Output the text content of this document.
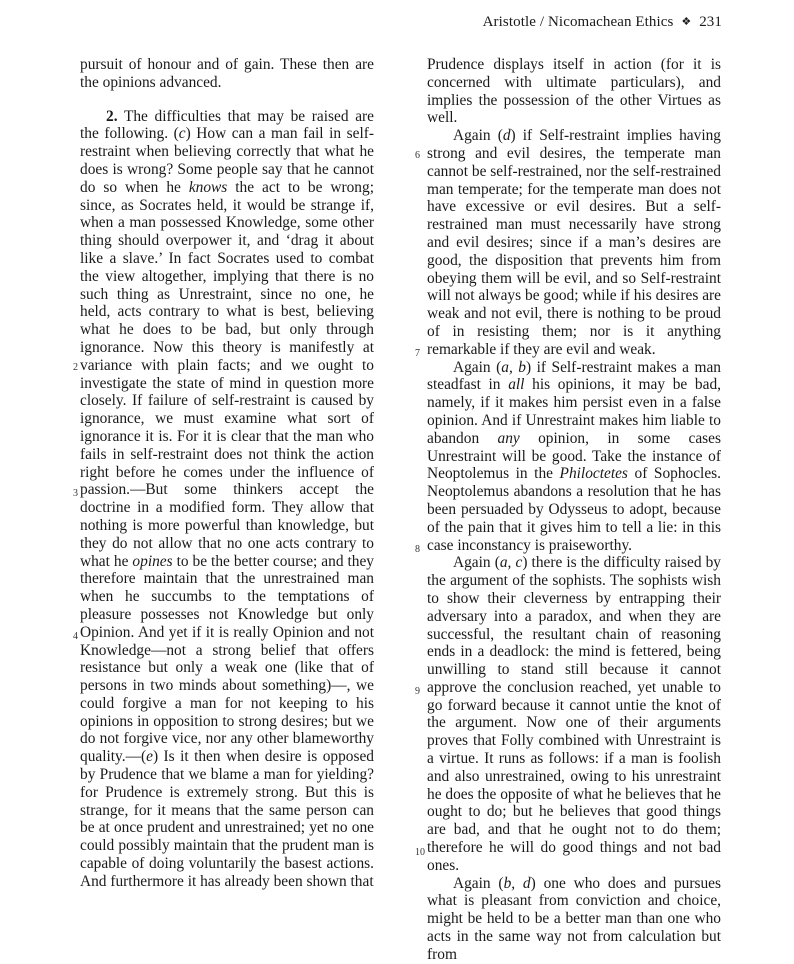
Aristotle / Nicomachean Ethics ❖ 231
2
3
4
6
7
8
9
10

pursuit of honour and of gain. These then are the opinions advanced.

2. The difficulties that may be raised are the following. (c) How can a man fail in self-restraint when believing correctly that what he does is wrong? Some people say that he cannot do so when he knows the act to be wrong; since, as Socrates held, it would be strange if, when a man possessed Knowledge, some other thing should overpower it, and ‘drag it about like a slave.’ In fact Socrates used to combat the view altogether, implying that there is no such thing as Unrestraint, since no one, he held, acts contrary to what is best, believing what he does to be bad, but only through ignorance. Now this theory is manifestly at variance with plain facts; and we ought to investigate the state of mind in question more closely. If failure of self-restraint is caused by ignorance, we must examine what sort of ignorance it is. For it is clear that the man who fails in self-restraint does not think the action right before he comes under the influence of passion.—But some thinkers accept the doctrine in a modified form. They allow that nothing is more powerful than knowledge, but they do not allow that no one acts contrary to what he opines to be the better course; and they therefore maintain that the unrestrained man when he succumbs to the temptations of pleasure possesses not Knowledge but only Opinion. And yet if it is really Opinion and not Knowledge—not a strong belief that offers resistance but only a weak one (like that of persons in two minds about something)—, we could forgive a man for not keeping to his opinions in opposition to strong desires; but we do not forgive vice, nor any other blameworthy quality.—(e) Is it then when desire is opposed by Prudence that we blame a man for yielding? for Prudence is extremely strong. But this is strange, for it means that the same person can be at once prudent and unrestrained; yet no one could possibly maintain that the prudent man is capable of doing voluntarily the basest actions. And furthermore it has already been shown that

Prudence displays itself in action (for it is concerned with ultimate particulars), and implies the possession of the other Virtues as well.

Again (d) if Self-restraint implies having strong and evil desires, the temperate man cannot be self-restrained, nor the self-restrained man temperate; for the temperate man does not have excessive or evil desires. But a self-restrained man must necessarily have strong and evil desires; since if a man’s desires are good, the disposition that prevents him from obeying them will be evil, and so Self-restraint will not always be good; while if his desires are weak and not evil, there is nothing to be proud of in resisting them; nor is it anything remarkable if they are evil and weak.

Again (a, b) if Self-restraint makes a man steadfast in all his opinions, it may be bad, namely, if it makes him persist even in a false opinion. And if Unrestraint makes him liable to abandon any opinion, in some cases Unrestraint will be good. Take the instance of Neoptolemus in the Philoctetes of Sophocles. Neoptolemus abandons a resolution that he has been persuaded by Odysseus to adopt, because of the pain that it gives him to tell a lie: in this case inconstancy is praiseworthy.

Again (a, c) there is the difficulty raised by the argument of the sophists. The sophists wish to show their cleverness by entrapping their adversary into a paradox, and when they are successful, the resultant chain of reasoning ends in a deadlock: the mind is fettered, being unwilling to stand still because it cannot approve the conclusion reached, yet unable to go forward because it cannot untie the knot of the argument. Now one of their arguments proves that Folly combined with Unrestraint is a virtue. It runs as follows: if a man is foolish and also unrestrained, owing to his unrestraint he does the opposite of what he believes that he ought to do; but he believes that good things are bad, and that he ought not to do them; therefore he will do good things and not bad ones.

Again (b, d) one who does and pursues what is pleasant from conviction and choice, might be held to be a better man than one who acts in the same way not from calculation but from
